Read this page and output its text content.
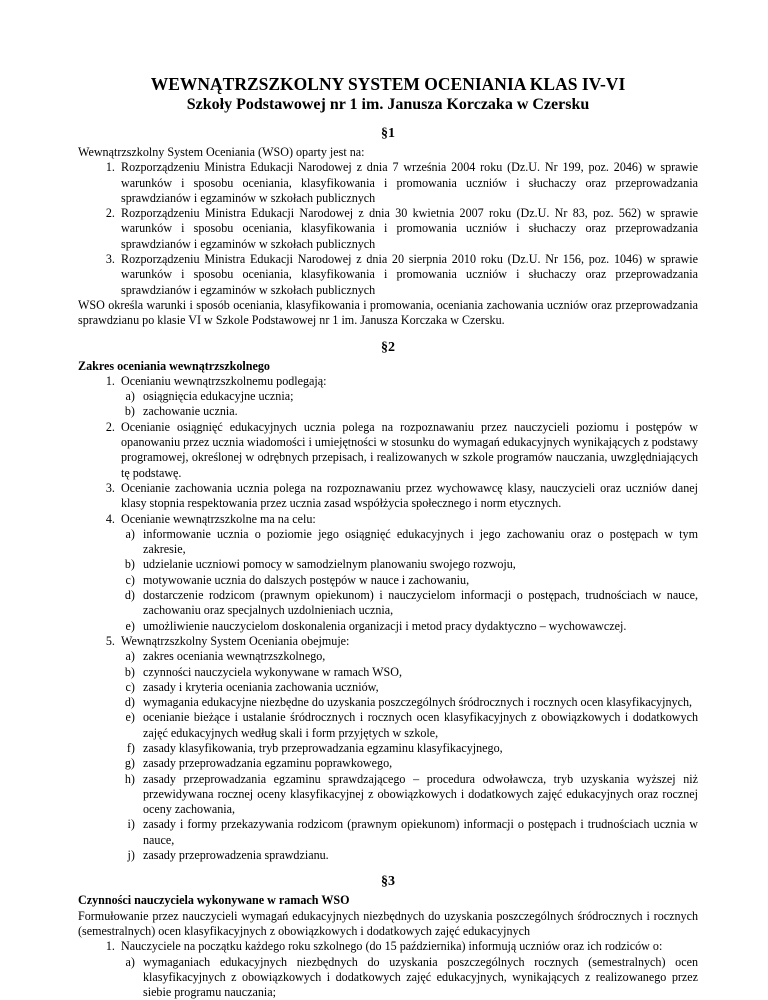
WEWNĄTRZSZKOLNY SYSTEM OCENIANIA KLAS IV-VI
Szkoły Podstawowej nr 1 im. Janusza Korczaka w Czersku
§1

Wewnątrzszkolny System Oceniania (WSO) oparty jest na:

1. Rozporządzeniu Ministra Edukacji Narodowej z dnia 7 września 2004 roku (Dz.U. Nr 199, poz. 2046) w sprawie warunków i sposobu oceniania, klasyfikowania i promowania uczniów i słuchaczy oraz przeprowadzania sprawdzianów i egzaminów w szkołach publicznych
2. Rozporządzeniu Ministra Edukacji Narodowej z dnia 30 kwietnia 2007 roku (Dz.U. Nr 83, poz. 562) w sprawie warunków i sposobu oceniania, klasyfikowania i promowania uczniów i słuchaczy oraz przeprowadzania sprawdzianów i egzaminów w szkołach publicznych
3. Rozporządzeniu Ministra Edukacji Narodowej z dnia 20 sierpnia 2010 roku (Dz.U. Nr 156, poz. 1046) w sprawie warunków i sposobu oceniania, klasyfikowania i promowania uczniów i słuchaczy oraz przeprowadzania sprawdzianów i egzaminów w szkołach publicznych

WSO określa warunki i sposób oceniania, klasyfikowania i promowania, oceniania zachowania uczniów oraz przeprowadzania sprawdzianu po klasie VI w Szkole Podstawowej nr 1 im. Janusza Korczaka w Czersku.

§2
Zakres oceniania wewnątrzszkolnego
1. Ocenianiu wewnątrzszkolnemu podlegają:
a. osiągnięcia edukacyjne ucznia;
b. zachowanie ucznia.
2. Ocenianie osiągnięć edukacyjnych ucznia polega na rozpoznawaniu przez nauczycieli poziomu i postępów w opanowaniu przez ucznia wiadomości i umiejętności w stosunku do wymagań edukacyjnych wynikających z podstawy programowej, określonej w odrębnych przepisach, i realizowanych w szkole programów nauczania, uwzględniających tę podstawę.
3. Ocenianie zachowania ucznia polega na rozpoznawaniu przez wychowawcę klasy, nauczycieli oraz uczniów danej klasy stopnia respektowania przez ucznia zasad współżycia społecznego i norm etycznych.
4. Ocenianie wewnątrzszkolne ma na celu:
a. informowanie ucznia o poziomie jego osiągnięć edukacyjnych i jego zachowaniu oraz o postępach w tym zakresie,
b. udzielanie uczniowi pomocy w samodzielnym planowaniu swojego rozwoju,
c. motywowanie ucznia do dalszych postępów w nauce i zachowaniu,
d. dostarczenie rodzicom (prawnym opiekunom) i nauczycielom informacji o postępach, trudnościach w nauce, zachowaniu oraz specjalnych uzdolnieniach ucznia,
e. umożliwienie nauczycielom doskonalenia organizacji i metod pracy dydaktyczno – wychowawczej.
5. Wewnątrzszkolny System Oceniania obejmuje:
a. zakres oceniania wewnątrzszkolnego,
b. czynności nauczyciela wykonywane w ramach WSO,
c. zasady i kryteria oceniania zachowania uczniów,
d. wymagania edukacyjne niezbędne do uzyskania poszczególnych śródrocznych i rocznych ocen klasyfikacyjnych,
e. ocenianie bieżące i ustalanie śródrocznych i rocznych ocen klasyfikacyjnych z obowiązkowych i dodatkowych zajęć edukacyjnych według skali i form przyjętych w szkole,
f. zasady klasyfikowania, tryb przeprowadzania egzaminu klasyfikacyjnego,
g. zasady przeprowadzania egzaminu poprawkowego,
h. zasady przeprowadzania egzaminu sprawdzającego – procedura odwoławcza, tryb uzyskania wyższej niż przewidywana rocznej oceny klasyfikacyjnej z obowiązkowych i dodatkowych zajęć edukacyjnych oraz rocznej oceny zachowania,
i. zasady i formy przekazywania rodzicom (prawnym opiekunom) informacji o postępach i trudnościach ucznia w nauce,
j. zasady przeprowadzenia sprawdzianu.
§3
Czynności nauczyciela wykonywane w ramach WSO

Formułowanie przez nauczycieli wymagań edukacyjnych niezbędnych do uzyskania poszczególnych śródrocznych i rocznych (semestralnych) ocen klasyfikacyjnych z obowiązkowych i dodatkowych zajęć edukacyjnych

1. Nauczyciele na początku każdego roku szkolnego (do 15 października) informują uczniów oraz ich rodziców o:
a. wymaganiach edukacyjnych niezbędnych do uzyskania poszczególnych rocznych (semestralnych) ocen klasyfikacyjnych z obowiązkowych i dodatkowych zajęć edukacyjnych, wynikających z realizowanego przez siebie programu nauczania;
